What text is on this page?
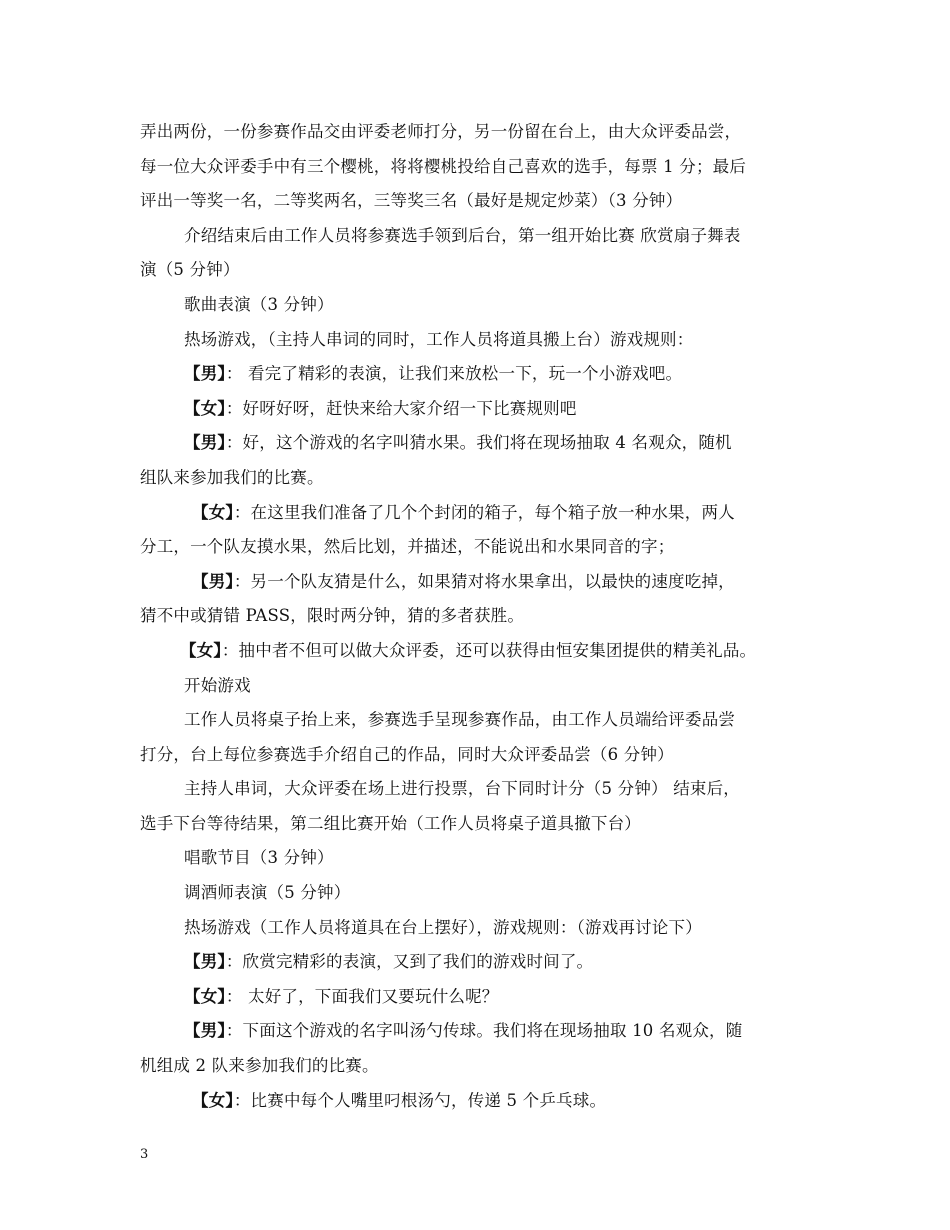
弄出两份，一份参赛作品交由评委老师打分，另一份留在台上，由大众评委品尝，

每一位大众评委手中有三个樱桃，将将樱桃投给自己喜欢的选手，每票 1 分；最后

评出一等奖一名，二等奖两名，三等奖三名（最好是规定炒菜）（3 分钟）

介绍结束后由工作人员将参赛选手领到后台，第一组开始比赛 欣赏扇子舞表

演（5 分钟）

歌曲表演（3 分钟）

热场游戏，（主持人串词的同时，工作人员将道具搬上台）游戏规则：

【男】： 看完了精彩的表演，让我们来放松一下，玩一个小游戏吧。

【女】：好呀好呀，赶快来给大家介绍一下比赛规则吧

【男】：好，这个游戏的名字叫猜水果。我们将在现场抽取 4 名观众，随机

组队来参加我们的比赛。

【女】：在这里我们准备了几个个封闭的箱子，每个箱子放一种水果，两人

分工，一个队友摸水果，然后比划，并描述，不能说出和水果同音的字；

【男】：另一个队友猜是什么，如果猜对将水果拿出，以最快的速度吃掉，

猜不中或猜错 PASS，限时两分钟，猜的多者获胜。

【女】：抽中者不但可以做大众评委，还可以获得由恒安集团提供的精美礼品。

开始游戏

工作人员将桌子抬上来，参赛选手呈现参赛作品，由工作人员端给评委品尝

打分，台上每位参赛选手介绍自己的作品，同时大众评委品尝（6 分钟）

主持人串词，大众评委在场上进行投票，台下同时计分（5 分钟） 结束后，

选手下台等待结果，第二组比赛开始（工作人员将桌子道具撤下台）

唱歌节目（3 分钟）

调酒师表演（5 分钟）

热场游戏（工作人员将道具在台上摆好），游戏规则：（游戏再讨论下）

【男】：欣赏完精彩的表演，又到了我们的游戏时间了。

【女】： 太好了，下面我们又要玩什么呢？

【男】：下面这个游戏的名字叫汤勺传球。我们将在现场抽取 10 名观众，随

机组成 2 队来参加我们的比赛。

【女】：比赛中每个人嘴里叼根汤勺，传递 5 个乒乓球。

3
